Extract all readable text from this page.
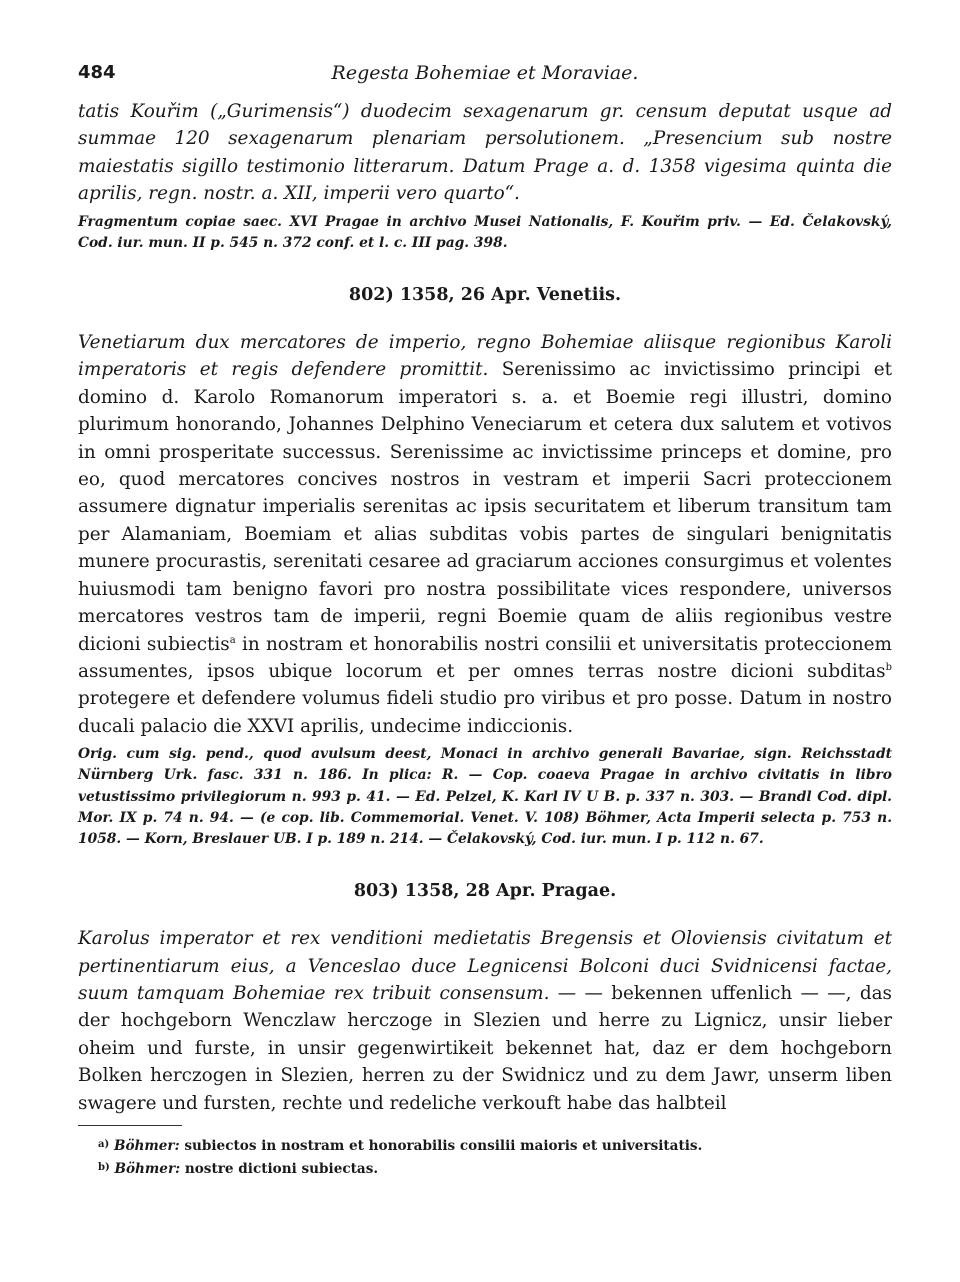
484	Regesta Bohemiae et Moraviae.

tatis Kouřim („Gurimensis“) duodecim sexagenarum gr. censum deputat usque ad summae 120 sexagenarum plenariam persolutionem. „Presencium sub nostre maiestatis sigillo testimonio litterarum. Datum Prage a. d. 1358 vigesima quinta die aprilis, regn. nostr. a. XII, imperii vero quarto“.

Fragmentum copiae saec. XVI Pragae in archivo Musei Nationalis, F. Kouřim priv. — Ed. Čelakovský, Cod. iur. mun. II p. 545 n. 372 conf. et l. c. III pag. 398.

802) 1358, 26 Apr. Venetiis.

Venetiarum dux mercatores de imperio, regno Bohemiae aliisque regionibus Karoli imperatoris et regis defendere promittit. Serenissimo ac invictissimo principi et domino d. Karolo Romanorum imperatori s. a. et Boemie regi illustri, domino plurimum honorando, Johannes Delphino Veneciarum et cetera dux salutem et votivos in omni prosperitate successus. Serenissime ac invictissime princeps et domine, pro eo, quod mercatores concives nostros in vestram et imperii Sacri proteccionem assumere dignatur imperialis serenitas ac ipsis securitatem et liberum transitum tam per Alamaniam, Boemiam et alias subditas vobis partes de singulari benignitatis munere procurastis, serenitati cesaree ad graciarum acciones consurgimus et volentes huiusmodi tam benigno favori pro nostra possibilitate vices respondere, universos mercatores vestros tam de imperii, regni Boemie quam de aliis regionibus vestre dicioni subiectis$^a$ in nostram et honorabilis nostri consilii et universitatis proteccionem assumentes, ipsos ubique locorum et per omnes terras nostre dicioni subditas$^b$ protegere et defendere volumus fideli studio pro viribus et pro posse. Datum in nostro ducali palacio die XXVI aprilis, undecime indiccionis.

Orig. cum sig. pend., quod avulsum deest, Monaci in archivo generali Bavariae, sign. Reichsstadt Nürnberg Urk. fasc. 331 n. 186. In plica: R. — Cop. coaeva Pragae in archivo civitatis in libro vetustissimo privilegiorum n. 993 p. 41. — Ed. Pelzel, K. Karl IV U B. p. 337 n. 303. — Brandl Cod. dipl. Mor. IX p. 74 n. 94. — (e cop. lib. Commemorial. Venet. V. 108) Böhmer, Acta Imperii selecta p. 753 n. 1058. — Korn, Breslauer UB. I p. 189 n. 214. — Čelakovský, Cod. iur. mun. I p. 112 n. 67.

803) 1358, 28 Apr. Pragae.

Karolus imperator et rex venditioni medietatis Bregensis et Oloviensis civitatum et pertinentiarum eius, a Venceslao duce Legnicensi Bolconi duci Svidnicensi factae, suum tamquam Bohemiae rex tribuit consensum. — — bekennen uffenlich — —, das der hochgeborn Wenczlaw herczoge in Slezien und herre zu Lignicz, unsir lieber oheim und furste, in unsir gegenwirtikeit bekennet hat, daz er dem hochgeborn Bolken herczogen in Slezien, herren zu der Swidnicz und zu dem Jawr, unserm liben swagere und fursten, rechte und redeliche verkouft habe das halbteil

$^{a)}$ Böhmer: subiectos in nostram et honorabilis consilii maioris et universitatis.

$^{b)}$ Böhmer: nostre dictioni subiectas.
